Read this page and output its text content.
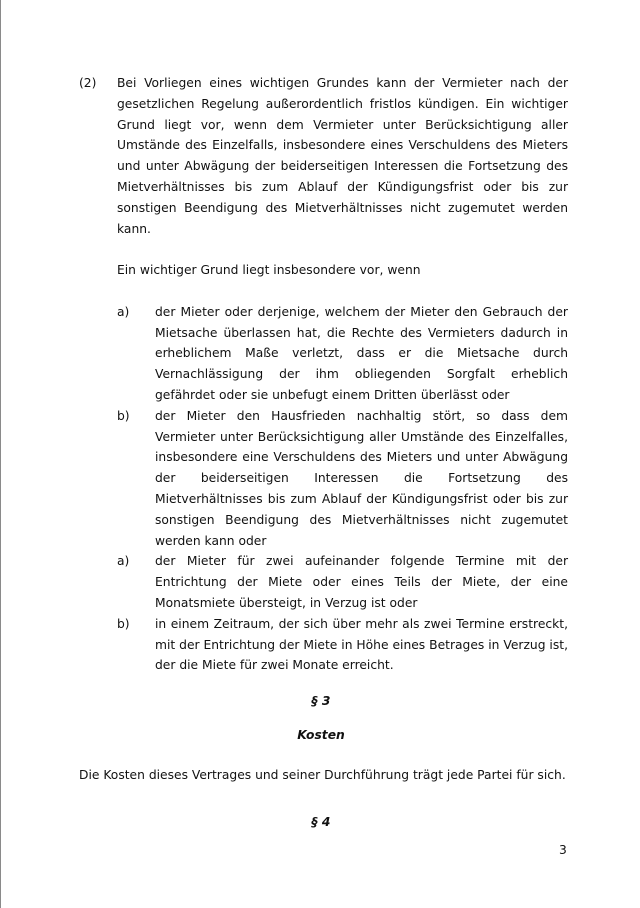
(2) Bei Vorliegen eines wichtigen Grundes kann der Vermieter nach der gesetzlichen Regelung außerordentlich fristlos kündigen. Ein wichtiger Grund liegt vor, wenn dem Vermieter unter Berücksichtigung aller Umstände des Einzelfalls, insbesondere eines Verschuldens des Mieters und unter Abwägung der beiderseitigen Interessen die Fortsetzung des Mietverhältnisses bis zum Ablauf der Kündigungsfrist oder bis zur sonstigen Beendigung des Mietverhältnisses nicht zugemutet werden kann.

Ein wichtiger Grund liegt insbesondere vor, wenn

a) der Mieter oder derjenige, welchem der Mieter den Gebrauch der Mietsache überlassen hat, die Rechte des Vermieters dadurch in erheblichem Maße verletzt, dass er die Mietsache durch Vernachlässigung der ihm obliegenden Sorgfalt erheblich gefährdet oder sie unbefugt einem Dritten überlässt oder
b) der Mieter den Hausfrieden nachhaltig stört, so dass dem Vermieter unter Berücksichtigung aller Umstände des Einzelfalles, insbesondere eine Verschuldens des Mieters und unter Abwägung der beiderseitigen Interessen die Fortsetzung des Mietverhältnisses bis zum Ablauf der Kündigungsfrist oder bis zur sonstigen Beendigung des Mietverhältnisses nicht zugemutet werden kann oder
a) der Mieter für zwei aufeinander folgende Termine mit der Entrichtung der Miete oder eines Teils der Miete, der eine Monatsmiete übersteigt, in Verzug ist oder
b) in einem Zeitraum, der sich über mehr als zwei Termine erstreckt, mit der Entrichtung der Miete in Höhe eines Betrages in Verzug ist, der die Miete für zwei Monate erreicht.
§ 3
Kosten
Die Kosten dieses Vertrages und seiner Durchführung trägt jede Partei für sich.
§ 4
3
